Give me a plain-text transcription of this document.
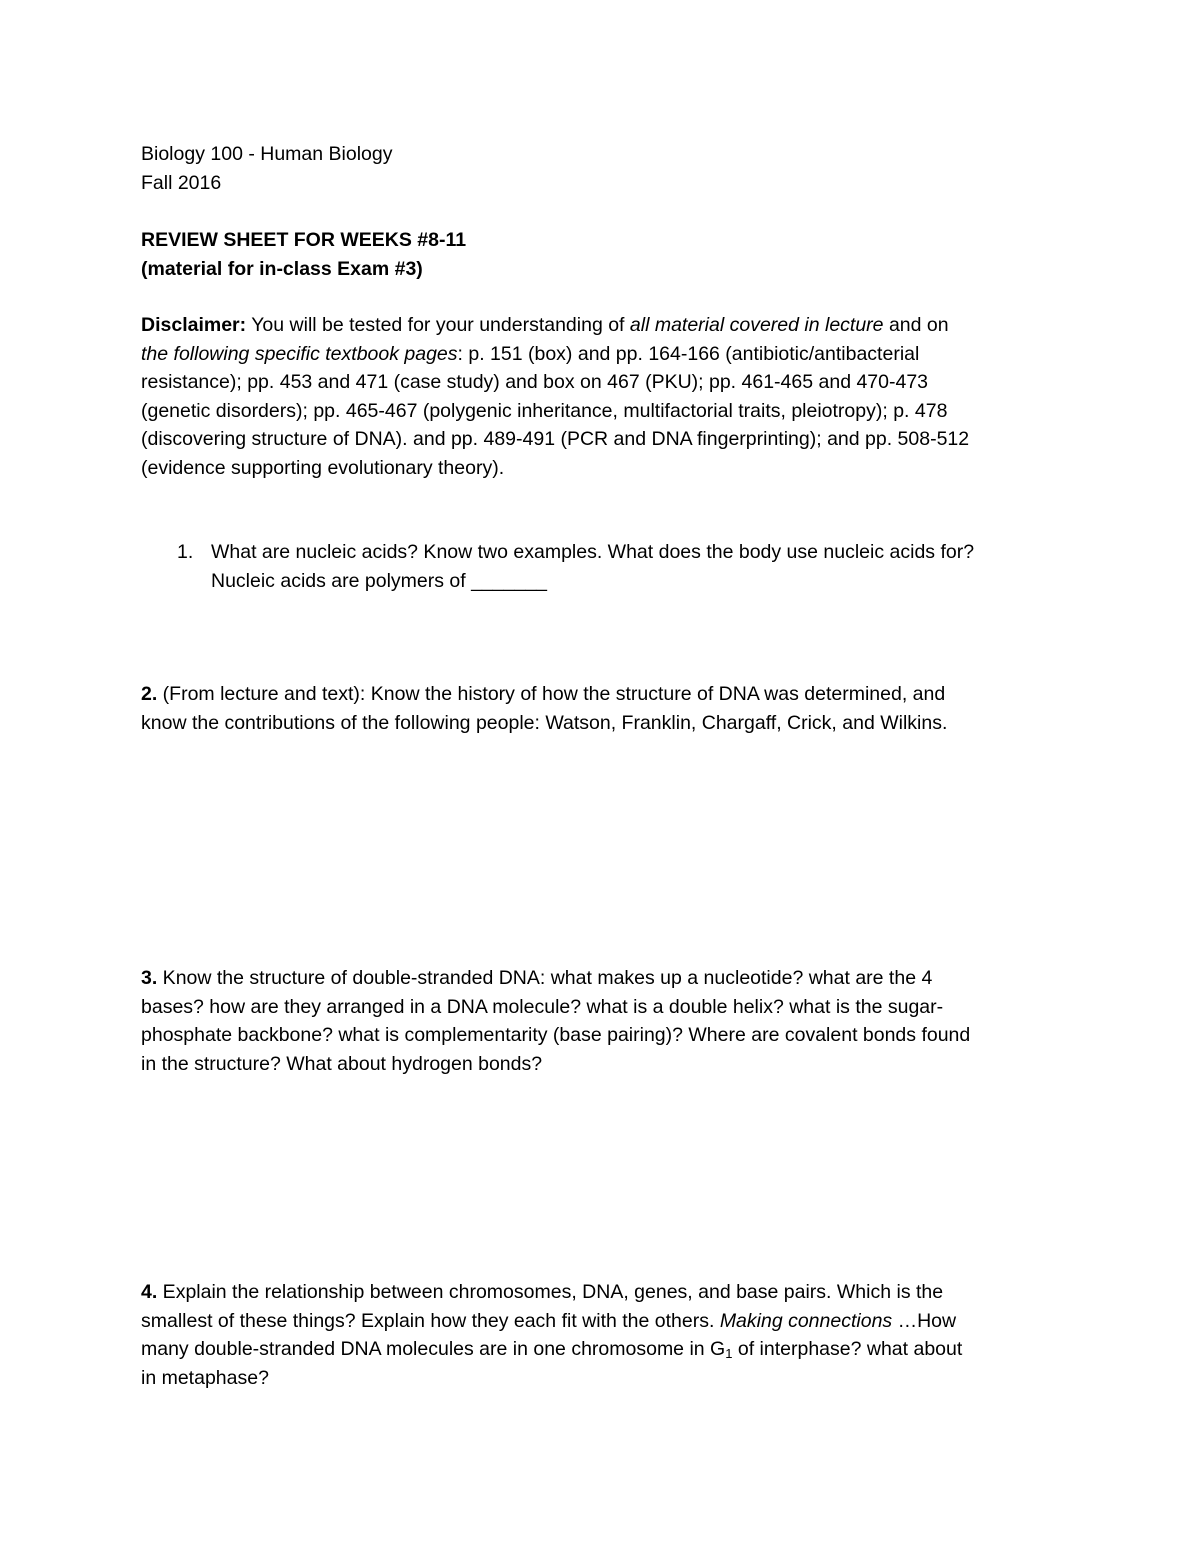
Biology 100 - Human Biology
Fall 2016
REVIEW SHEET FOR WEEKS #8-11
(material for in-class Exam #3)
Disclaimer: You will be tested for your understanding of all material covered in lecture and on
the following specific textbook pages: p. 151 (box) and pp. 164-166 (antibiotic/antibacterial
resistance); pp. 453 and 471 (case study) and box on 467 (PKU); pp. 461-465 and 470-473
(genetic disorders); pp. 465-467 (polygenic inheritance, multifactorial traits, pleiotropy); p. 478
(discovering structure of DNA). and pp. 489-491 (PCR and DNA fingerprinting); and pp. 508-512
(evidence supporting evolutionary theory).
1. What are nucleic acids? Know two examples. What does the body use nucleic acids for?
Nucleic acids are polymers of _______
2. (From lecture and text): Know the history of how the structure of DNA was determined, and
know the contributions of the following people: Watson, Franklin, Chargaff, Crick, and Wilkins.
3. Know the structure of double-stranded DNA: what makes up a nucleotide? what are the 4
bases? how are they arranged in a DNA molecule? what is a double helix? what is the sugar-
phosphate backbone? what is complementarity (base pairing)? Where are covalent bonds found
in the structure? What about hydrogen bonds?
4. Explain the relationship between chromosomes, DNA, genes, and base pairs. Which is the
smallest of these things? Explain how they each fit with the others. Making connections …How
many double-stranded DNA molecules are in one chromosome in $G_1$ of interphase? what about
in metaphase?
